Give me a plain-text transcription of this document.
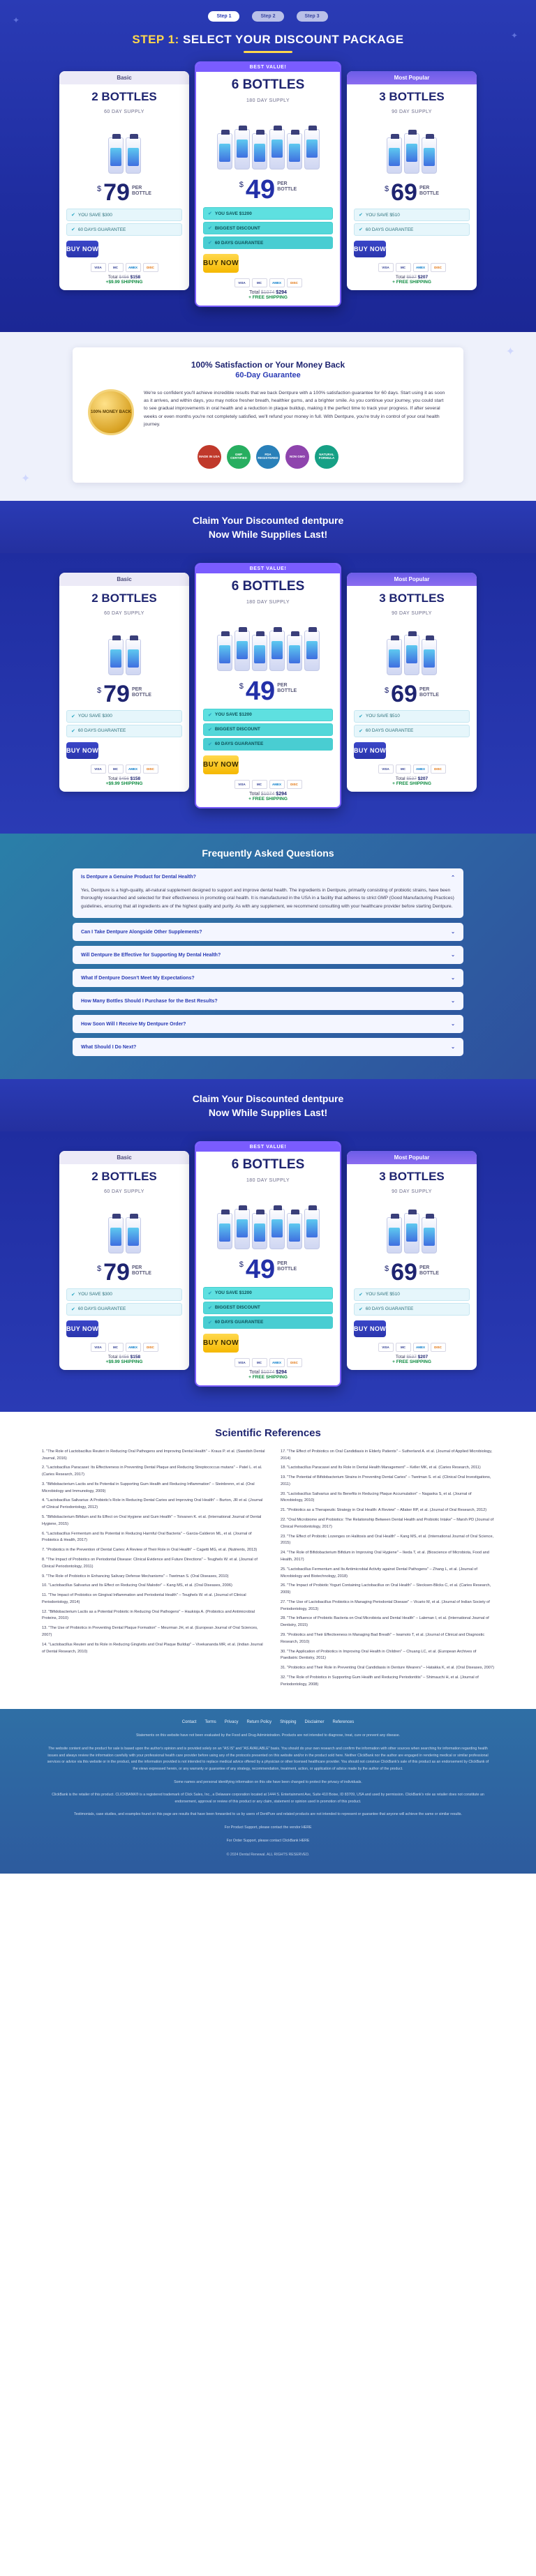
✦
✦
Step 1	Step 2	Step 3
STEP 1: SELECT YOUR DISCOUNT PACKAGE
Basic
2 BOTTLES
60 DAY SUPPLY
$ 79 PER
BOTTLE
✔ YOU SAVE $300
✔ 60 DAYS GUARANTEE
BUY NOW
VISA	MC	AMEX	DISC
Total $456 $158
+$9.99 SHIPPING
BEST VALUE!
6 BOTTLES
180 DAY SUPPLY
$ 49 PER
BOTTLE
✔ YOU SAVE $1200
✔ BIGGEST DISCOUNT
✔ 60 DAYS GUARANTEE
BUY NOW
VISA	MC	AMEX	DISC
Total $1074 $294
+ FREE SHIPPING
Most Popular
3 BOTTLES
90 DAY SUPPLY
$ 69 PER
BOTTLE
✔ YOU SAVE $510
✔ 60 DAYS GUARANTEE
BUY NOW
VISA	MC	AMEX	DISC
Total $537 $207
+ FREE SHIPPING
✦
✦
100% Satisfaction or Your Money Back
60-Day Guarantee
100% MONEY BACK
We're so confident you'll achieve incredible results that we back Dentpure with a 100% satisfaction guarantee for 60 days. Start using it as soon as it arrives, and within days, you may notice fresher breath, healthier gums, and a brighter smile. As you continue your journey, you could start to see gradual improvements in oral health and a reduction in plaque buildup, making it the perfect time to track your progress. If after several weeks or even months you're not completely satisfied, we'll refund your money in full. With Dentpure, you're truly in control of your oral health journey.
MADE IN USA	GMP CERTIFIED
FDA REGISTERED	NON GMO	NATURAL FORMULA
Claim Your Discounted dentpure
Now While Supplies Last!
Basic
2 BOTTLES
60 DAY SUPPLY
$ 79 PER
BOTTLE
✔ YOU SAVE $300
✔ 60 DAYS GUARANTEE
BUY NOW
VISA	MC	AMEX	DISC
Total $456 $158
+$9.99 SHIPPING
BEST VALUE!
6 BOTTLES
180 DAY SUPPLY
$ 49 PER
BOTTLE
✔ YOU SAVE $1200
✔ BIGGEST DISCOUNT
✔ 60 DAYS GUARANTEE
BUY NOW
VISA	MC	AMEX	DISC
Total $1074 $294
+ FREE SHIPPING
Most Popular
3 BOTTLES
90 DAY SUPPLY
$ 69 PER
BOTTLE
✔ YOU SAVE $510
✔ 60 DAYS GUARANTEE
BUY NOW
VISA	MC	AMEX	DISC
Total $537 $207
+ FREE SHIPPING
Frequently Asked Questions
Is Dentpure a Genuine Product for Dental Health?	⌃
Yes, Dentpure is a high-quality, all-natural supplement designed to support and improve dental health. The ingredients in Dentpure, primarily consisting of probiotic strains, have been thoroughly researched and selected for their effectiveness in promoting oral health. It is manufactured in the USA in a facility that adheres to strict GMP (Good Manufacturing Practices) guidelines, ensuring that all ingredients are of the highest quality and purity. As with any supplement, we recommend consulting with your healthcare provider before starting Dentpure.
Can I Take Dentpure Alongside Other Supplements?	⌄
Will Dentpure Be Effective for Supporting My Dental Health?	⌄
What If Dentpure Doesn't Meet My Expectations?	⌄
How Many Bottles Should I Purchase for the Best Results?	⌄
How Soon Will I Receive My Dentpure Order?	⌄
What Should I Do Next?	⌄
Claim Your Discounted dentpure
Now While Supplies Last!
Basic
2 BOTTLES
60 DAY SUPPLY
$ 79 PER
BOTTLE
✔ YOU SAVE $300
✔ 60 DAYS GUARANTEE
BUY NOW
VISA	MC	AMEX	DISC
Total $456 $158
+$9.99 SHIPPING
BEST VALUE!
6 BOTTLES
180 DAY SUPPLY
$ 49 PER
BOTTLE
✔ YOU SAVE $1200
✔ BIGGEST DISCOUNT
✔ 60 DAYS GUARANTEE
BUY NOW
VISA	MC	AMEX	DISC
Total $1074 $294
+ FREE SHIPPING
Most Popular
3 BOTTLES
90 DAY SUPPLY
$ 69 PER
BOTTLE
✔ YOU SAVE $510
✔ 60 DAYS GUARANTEE
BUY NOW
VISA	MC	AMEX	DISC
Total $537 $207
+ FREE SHIPPING
Scientific References
1. "The Role of Lactobacillus Reuteri in Reducing Oral Pathogens and Improving Dental Health" – Kraus P. et al. (Swedish Dental Journal, 2016)
2. "Lactobacillus Paracasei: Its Effectiveness in Preventing Dental Plaque and Reducing Streptococcus mutans" – Patel L. et al. (Caries Research, 2017)
3. "Bifidobacterium Lactis and Its Potential in Supporting Gum Health and Reducing Inflammation" – Steinbrenn, et al. (Oral Microbiology and Immunology, 2009)
4. "Lactobacillus Salivarius: A Probiotic's Role in Reducing Dental Caries and Improving Oral Health" – Burton, JR et al. (Journal of Clinical Periodontology, 2012)
5. "Bifidobacterium Bifidum and Its Effect on Oral Hygiene and Gum Health" – Toivanen K. et al. (International Journal of Dental Hygiene, 2015)
6. "Lactobacillus Fermentum and Its Potential in Reducing Harmful Oral Bacteria" – Garcia-Calderon ML, et al. (Journal of Probiotics & Health, 2017)
7. "Probiotics in the Prevention of Dental Caries: A Review of Their Role in Oral Health" – Cagetti MG, et al. (Nutrients, 2013)
8. "The Impact of Probiotics on Periodontal Disease: Clinical Evidence and Future Directions" – Teughels W. et al. (Journal of Clinical Periodontology, 2011)
9. "The Role of Probiotics in Enhancing Salivary Defense Mechanisms" – Twetman S. (Oral Diseases, 2010)
10. "Lactobacillus Salivarius and Its Effect on Reducing Oral Malodor" – Kang MS, et al. (Oral Diseases, 2006)
11. "The Impact of Probiotics on Gingival Inflammation and Periodontal Health" – Teughels W. et al. (Journal of Clinical Periodontology, 2014)
12. "Bifidobacterium Lactis as a Potential Probiotic in Reducing Oral Pathogens" – Haukioja A. (Probiotics and Antimicrobial Proteins, 2010)
13. "The Use of Probiotics in Preventing Dental Plaque Formation" – Meurman JH, et al. (European Journal of Oral Sciences, 2007)
14. "Lactobacillus Reuteri and Its Role in Reducing Gingivitis and Oral Plaque Buildup" – Vivekananda MR, et al. (Indian Journal of Dental Research, 2010)
17. "The Effect of Probiotics on Oral Candidiasis in Elderly Patients" – Sutherland A. et al. (Journal of Applied Microbiology, 2014)
18. "Lactobacillus Paracasei and Its Role in Dental Health Management" – Keller MK, et al. (Caries Research, 2011)
19. "The Potential of Bifidobacterium Strains in Preventing Dental Caries" – Twetman S. et al. (Clinical Oral Investigations, 2011)
20. "Lactobacillus Salivarius and Its Benefits in Reducing Plaque Accumulation" – Nagaoka S, et al. (Journal of Microbiology, 2010)
21. "Probiotics as a Therapeutic Strategy in Oral Health: A Review" – Allaker RP, et al. (Journal of Oral Research, 2012)
22. "Oral Microbiome and Probiotics: The Relationship Between Dental Health and Probiotic Intake" – Marsh PD (Journal of Clinical Periodontology, 2017)
23. "The Effect of Probiotic Lozenges on Halitosis and Oral Health" – Kang MS, et al. (International Journal of Oral Science, 2015)
24. "The Role of Bifidobacterium Bifidum in Improving Oral Hygiene" – Ikeda T, et al. (Bioscience of Microbiota, Food and Health, 2017)
25. "Lactobacillus Fermentum and Its Antimicrobial Activity against Dental Pathogens" – Zhang L, et al. (Journal of Microbiology and Biotechnology, 2018)
26. "The Impact of Probiotic Yogurt Containing Lactobacillus on Oral Health" – Stecksen-Blicks C, et al. (Caries Research, 2009)
27. "The Use of Lactobacillus Probiotics in Managing Periodontal Disease" – Vicario M, et al. (Journal of Indian Society of Periodontology, 2013)
28. "The Influence of Probiotic Bacteria on Oral Microbiota and Dental Health" – Laleman I, et al. (International Journal of Dentistry, 2015)
29. "Probiotics and Their Effectiveness in Managing Bad Breath" – Iwamoto T, et al. (Journal of Clinical and Diagnostic Research, 2010)
30. "The Application of Probiotics in Improving Oral Health in Children" – Chuang LC, et al. (European Archives of Paediatric Dentistry, 2011)
31. "Probiotics and Their Role in Preventing Oral Candidiasis in Denture Wearers" – Hatakka K, et al. (Oral Diseases, 2007)
32. "The Role of Probiotics in Supporting Gum Health and Reducing Periodontitis" – Shimauchi H, et al. (Journal of Periodontology, 2008)
Contact Terms Privacy Return Policy Shipping Disclaimer References

Statements on this website have not been evaluated by the Food and Drug Administration. Products are not intended to diagnose, treat, cure or prevent any disease.

The website content and the product for sale is based upon the author's opinion and is provided solely on an "AS IS" and "AS AVAILABLE" basis. You should do your own research and confirm the information with other sources when searching for information regarding health issues and always review the information carefully with your professional health care provider before using any of the protocols presented on this website and/or in the product sold here. Neither ClickBank nor the author are engaged in rendering medical or similar professional services or advice via this website or in the product, and the information provided is not intended to replace medical advice offered by a physician or other licensed healthcare provider. You should not construe ClickBank's sale of this product as an endorsement by ClickBank of the views expressed herein, or any warranty or guarantee of any strategy, recommendation, treatment, action, or application of advice made by the author of the product.

Some names and personal identifying information on this site have been changed to protect the privacy of individuals.

ClickBank is the retailer of this product. CLICKBANK® is a registered trademark of Click Sales, Inc., a Delaware corporation located at 1444 S. Entertainment Ave, Suite 410 Boise, ID 83709, USA and used by permission. ClickBank's role as retailer does not constitute an endorsement, approval or review of this product or any claim, statement or opinion used in promotion of this product.

Testimonials, case studies, and examples found on this page are results that have been forwarded to us by users of DentPure and related products are not intended to represent or guarantee that anyone will achieve the same or similar results.

For Product Support, please contact the vendor HERE

For Order Support, please contact ClickBank HERE

© 2024 Dental Renewal. ALL RIGHTS RESERVED.
